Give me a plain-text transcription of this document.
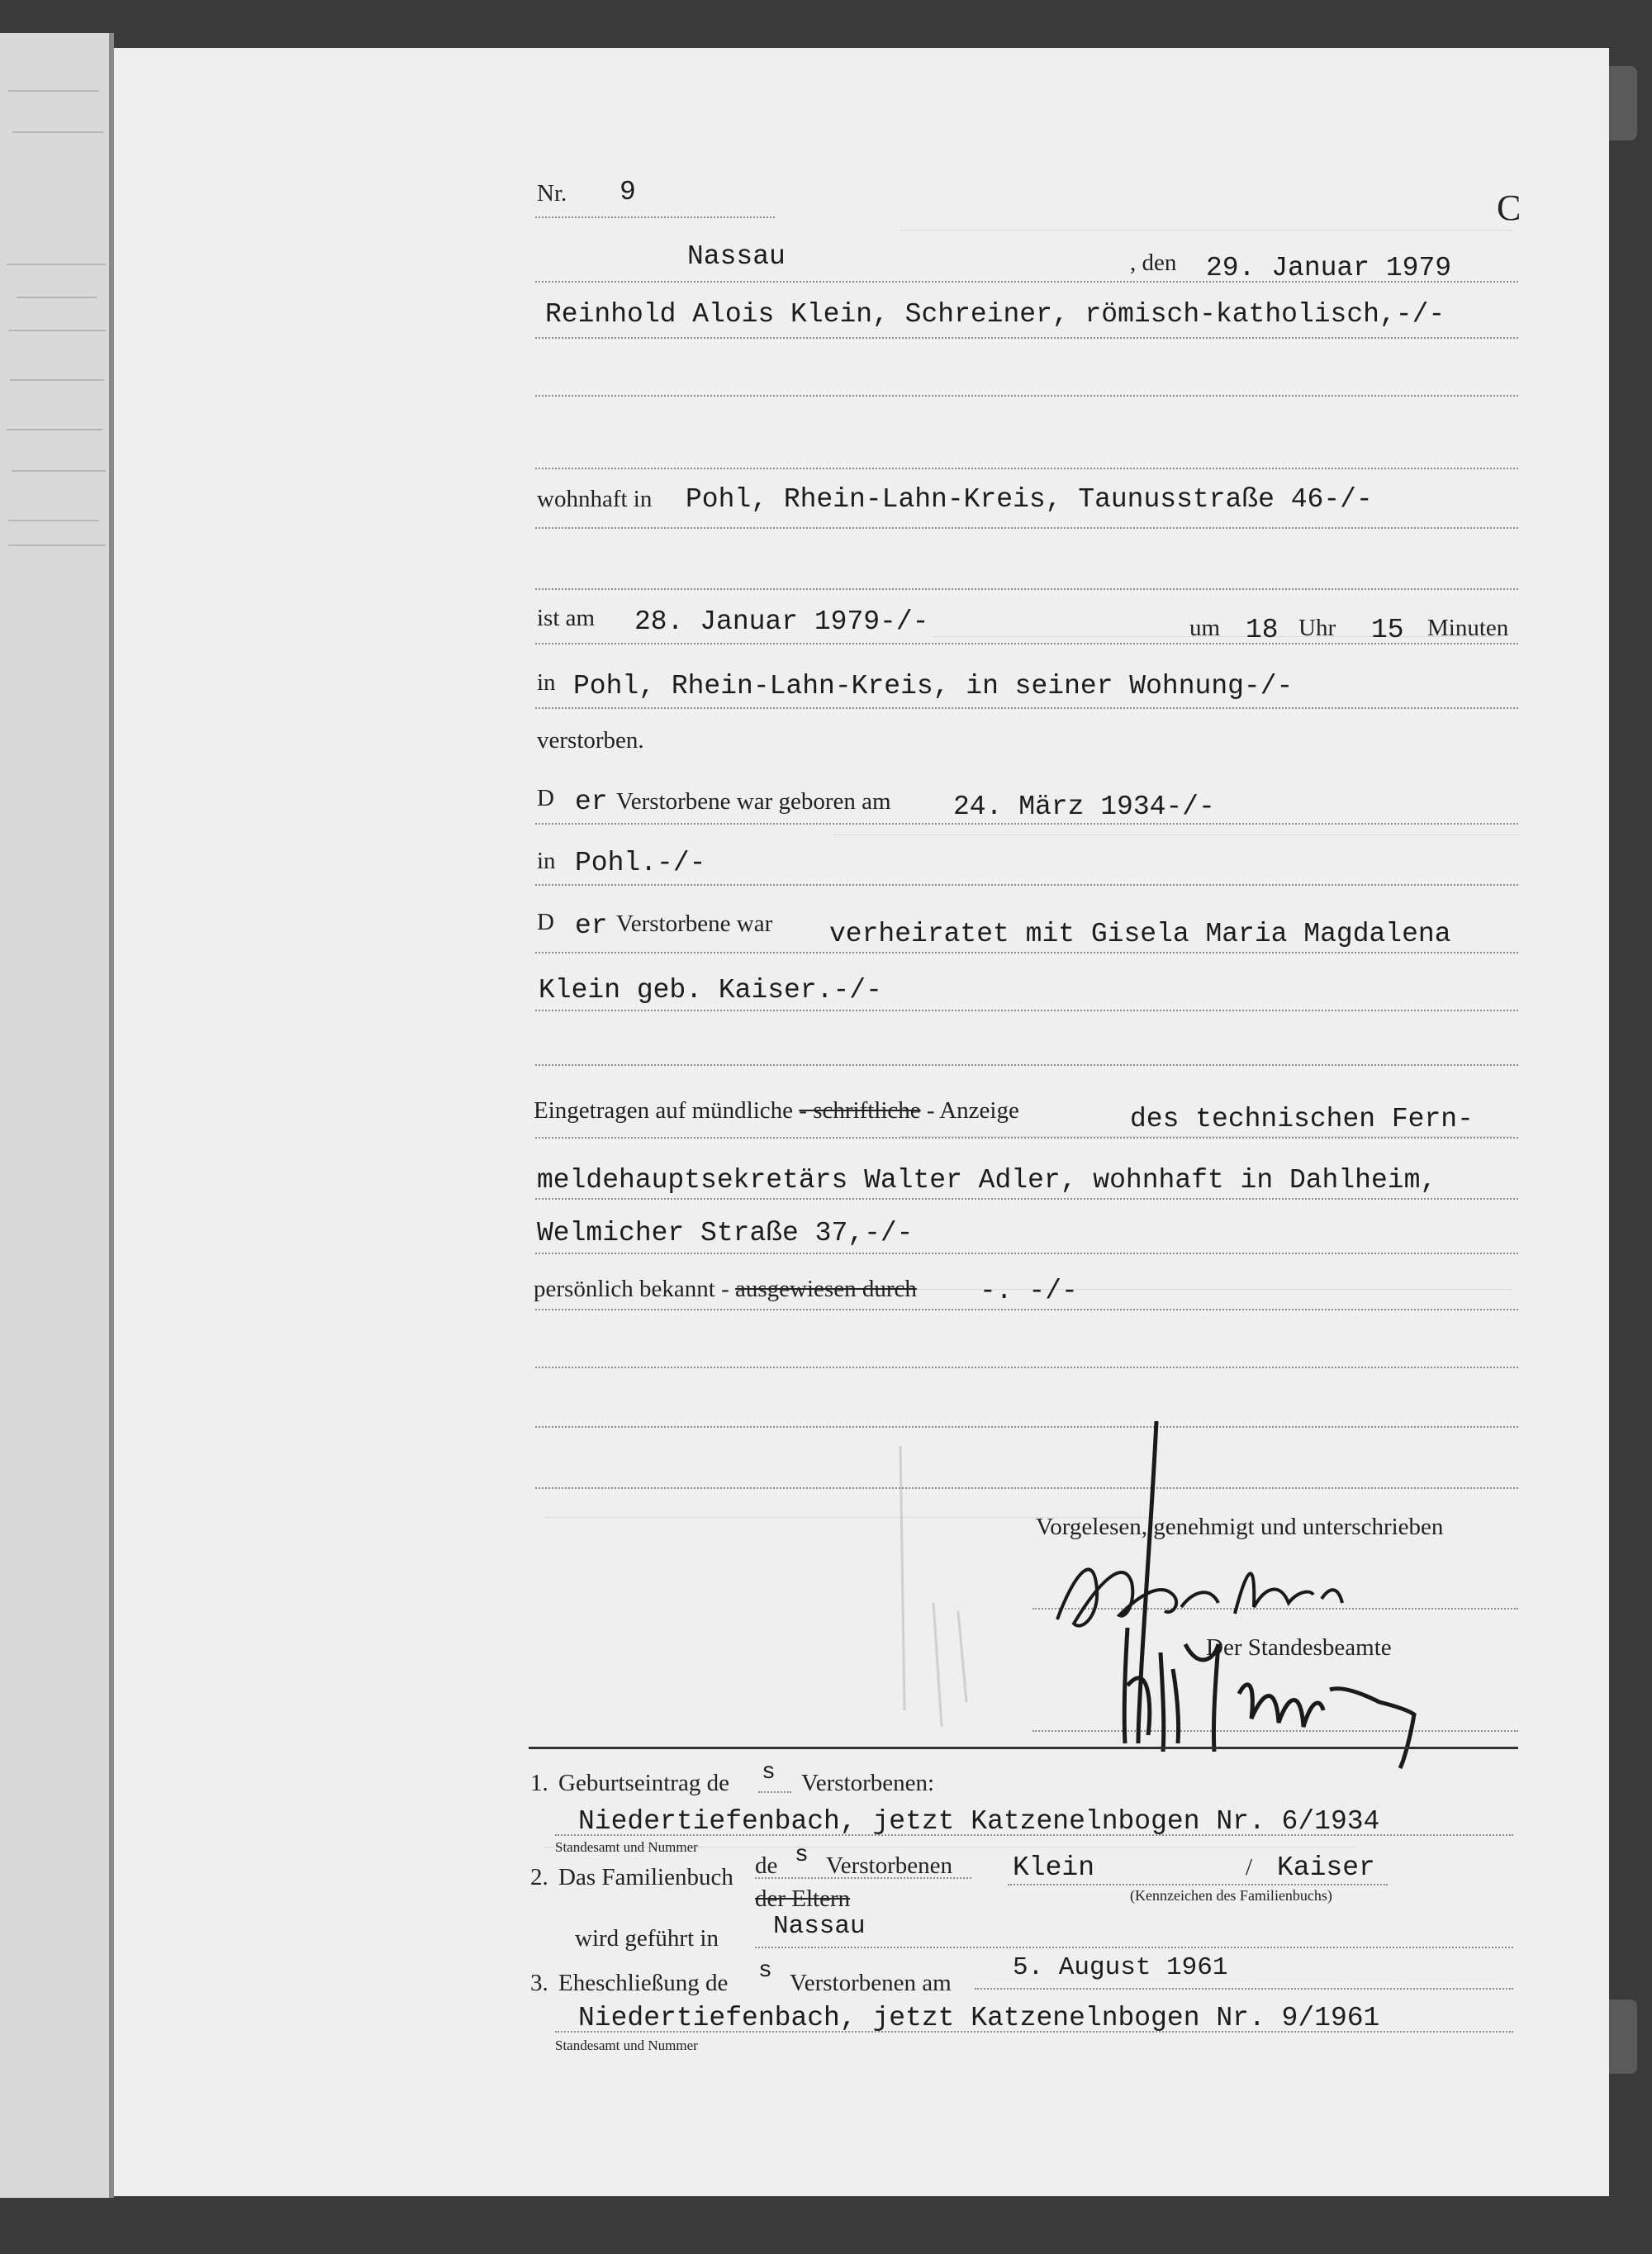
Nr. 9	C
Nassau	, den 29. Januar 1979
Reinhold Alois Klein, Schreiner, römisch-katholisch,-/-
wohnhaft in Pohl, Rhein-Lahn-Kreis, Taunusstraße 46-/-
ist am 28. Januar 1979-/-	um 18 Uhr 15 Minuten
in Pohl, Rhein-Lahn-Kreis, in seiner Wohnung-/-
verstorben.
D er Verstorbene war geboren am 24. März 1934-/-
in Pohl.-/-
D er Verstorbene war verheiratet mit Gisela Maria Magdalena
Klein geb. Kaiser.-/-
Eingetragen auf mündliche - schriftliche - Anzeige	des technischen Fern-
meldehauptsekretärs Walter Adler, wohnhaft in Dahlheim,
Welmicher Straße 37,-/-
persönlich bekannt - ausgewiesen durch -. -/-
Vorgelesen, genehmigt und unterschrieben
Der Standesbeamte
1. Geburtseintrag de s Verstorbenen:
Niedertiefenbach, jetzt Katzenelnbogen Nr. 6/1934
Standesamt und Nummer
2. Das Familienbuch de s Verstorbenen
der Eltern
Klein	/ Kaiser
(Kennzeichen des Familienbuchs)
wird geführt in Nassau
3. Eheschließung de s Verstorbenen am
5. August 1961
Niedertiefenbach, jetzt Katzenelnbogen Nr. 9/1961
Standesamt und Nummer
